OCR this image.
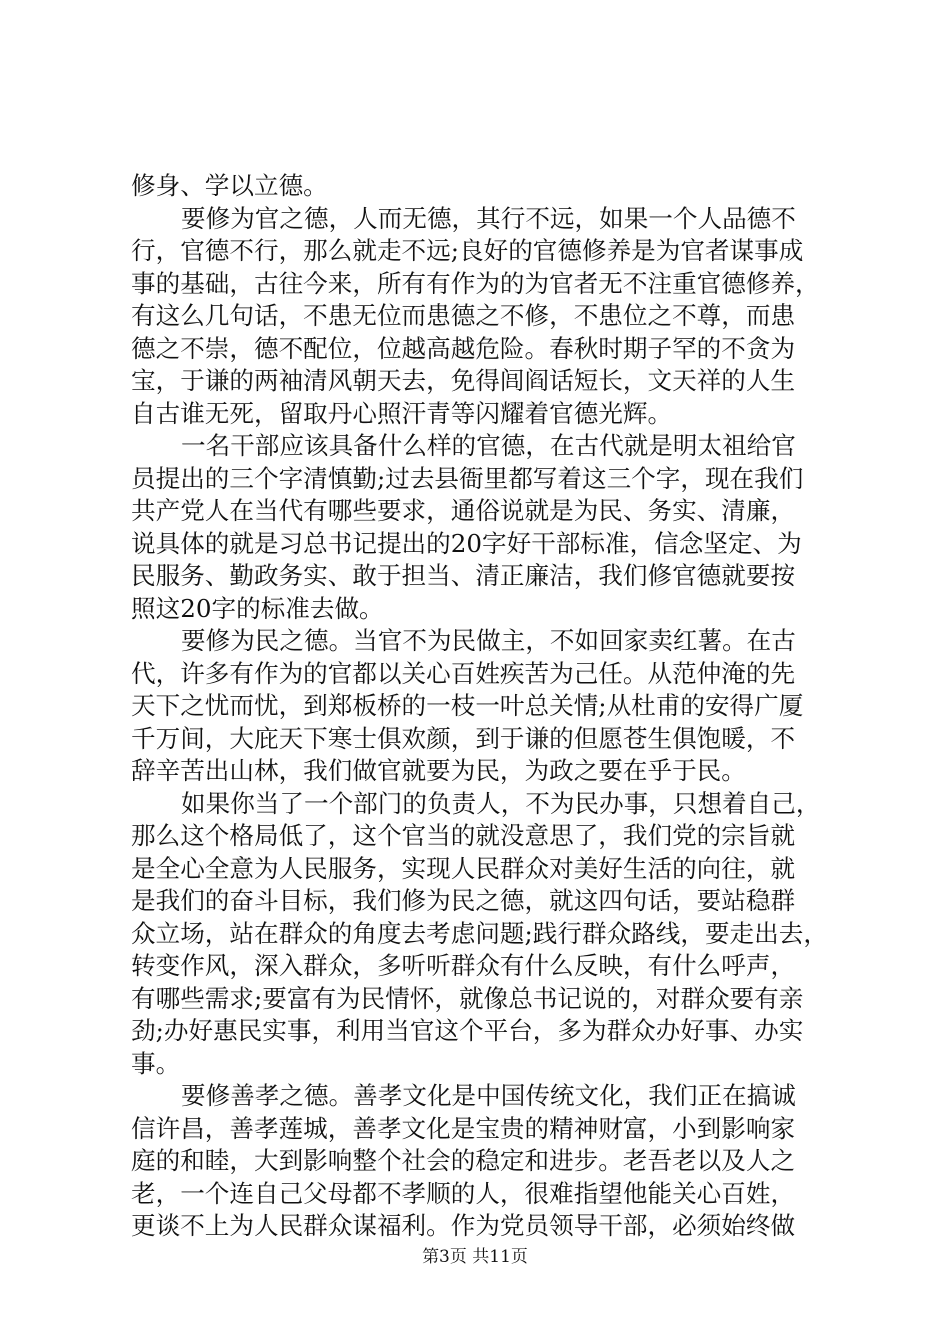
修身、学以立德。
要修为官之德，人而无德，其行不远，如果一个人品德不
行，官德不行，那么就走不远;良好的官德修养是为官者谋事成
事的基础，古往今来，所有有作为的为官者无不注重官德修养，
有这么几句话，不患无位而患德之不修，不患位之不尊，而患
德之不崇，德不配位，位越高越危险。春秋时期子罕的不贪为
宝，于谦的两袖清风朝天去，免得闾阎话短长，文天祥的人生
自古谁无死，留取丹心照汗青等闪耀着官德光辉。
一名干部应该具备什么样的官德，在古代就是明太祖给官
员提出的三个字清慎勤;过去县衙里都写着这三个字，现在我们
共产党人在当代有哪些要求，通俗说就是为民、务实、清廉，
说具体的就是习总书记提出的20字好干部标准，信念坚定、为
民服务、勤政务实、敢于担当、清正廉洁，我们修官德就要按
照这20字的标准去做。
要修为民之德。当官不为民做主，不如回家卖红薯。在古
代，许多有作为的官都以关心百姓疾苦为己任。从范仲淹的先
天下之忧而忧，到郑板桥的一枝一叶总关情;从杜甫的安得广厦
千万间，大庇天下寒士俱欢颜，到于谦的但愿苍生俱饱暖，不
辞辛苦出山林，我们做官就要为民，为政之要在乎于民。
如果你当了一个部门的负责人，不为民办事，只想着自己，
那么这个格局低了，这个官当的就没意思了，我们党的宗旨就
是全心全意为人民服务，实现人民群众对美好生活的向往，就
是我们的奋斗目标，我们修为民之德，就这四句话，要站稳群
众立场，站在群众的角度去考虑问题;践行群众路线，要走出去，
转变作风，深入群众，多听听群众有什么反映，有什么呼声，
有哪些需求;要富有为民情怀，就像总书记说的，对群众要有亲
劲;办好惠民实事，利用当官这个平台，多为群众办好事、办实
事。
要修善孝之德。善孝文化是中国传统文化，我们正在搞诚
信许昌，善孝莲城，善孝文化是宝贵的精神财富，小到影响家
庭的和睦，大到影响整个社会的稳定和进步。老吾老以及人之
老，一个连自己父母都不孝顺的人，很难指望他能关心百姓，
更谈不上为人民群众谋福利。作为党员领导干部，必须始终做
第3页 共11页
